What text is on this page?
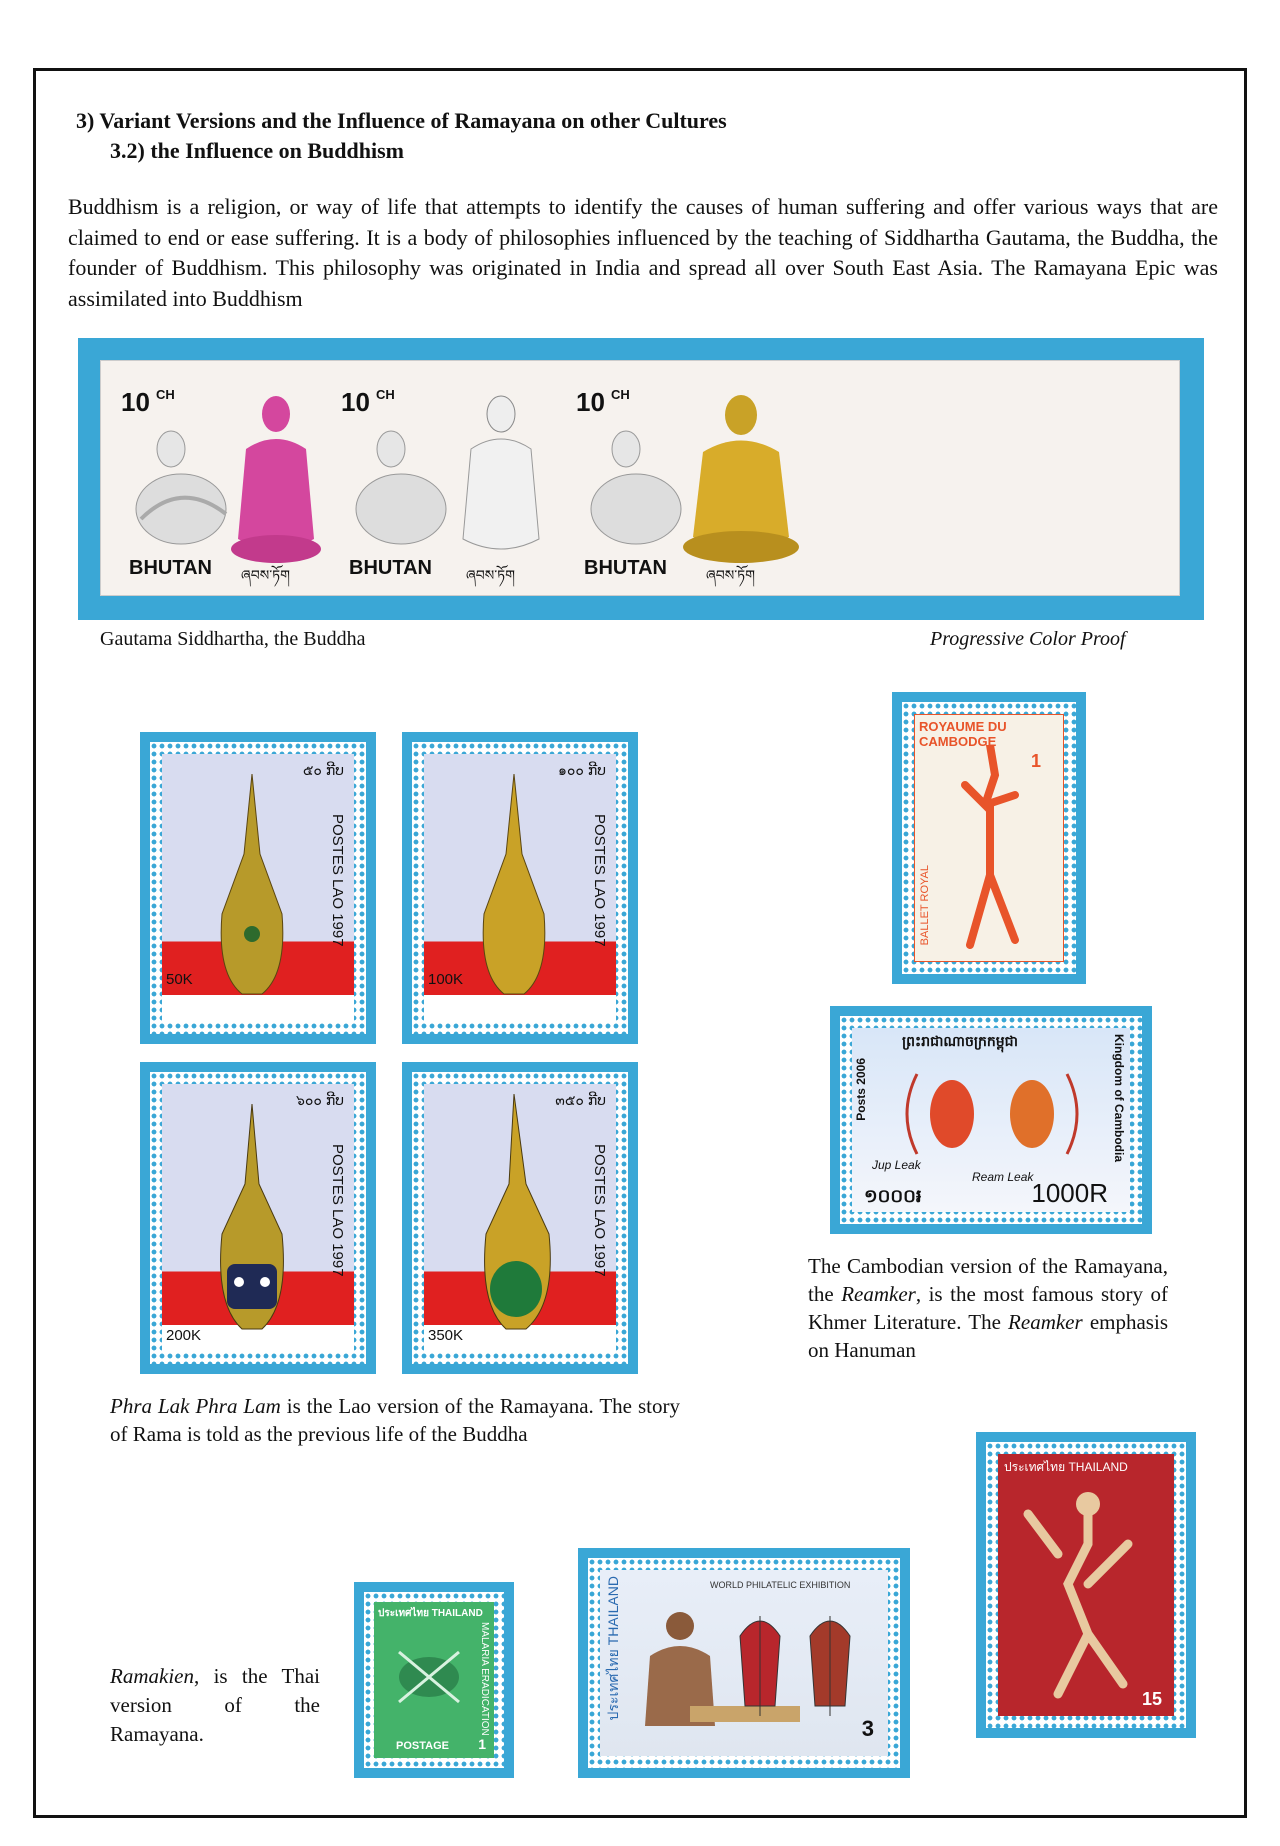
3) Variant Versions and the Influence of Ramayana on other Cultures
3.2) the Influence on Buddhism
Buddhism is a religion, or way of life that attempts to identify the causes of human suffering and offer various ways that are claimed to end or ease suffering. It is a body of philosophies influenced by the teaching of Siddhartha Gautama, the Buddha, the founder of Buddhism. This philosophy was originated in India and spread all over South East Asia. The Ramayana Epic was assimilated into Buddhism
10 CH
BHUTAN ཞབས་ཏོག
10 CH
BHUTAN ཞབས་ཏོག
10 CH
BHUTAN	ཞབས་ཏོག
Gautama Siddhartha, the Buddha	Progressive Color Proof
๕๐ ກີບ
POSTES LAO 1997
50K
๑๐๐ ກີບ
POSTES LAO 1997
100K
๖๐๐ ກີບ
POSTES LAO 1997
200K
๓๕๐ ກີບ
POSTES LAO 1997
350K
Phra Lak Phra Lam is the Lao version of the Ramayana. The story of Rama is told as the previous life of the Buddha
ROYAUME DU CAMBODGE
BALLET ROYAL
1
ព្រះរាជាណាចក្រកម្ពុជា	Kingdom of Cambodia
Posts 2006
Jup Leak
Ream Leak
១០០០៛	1000R
The Cambodian version of the Ramayana, the Reamker, is the most famous story of Khmer Literature. The Reamker emphasis on Hanuman
ประเทศไทย THAILAND
15
ประเทศไทย THAILAND
MALARIA ERADICATION
POSTAGE 1
ประเทศไทย THAILAND	WORLD PHILATELIC EXHIBITION
3
Ramakien, is the Thai version of the Ramayana.
